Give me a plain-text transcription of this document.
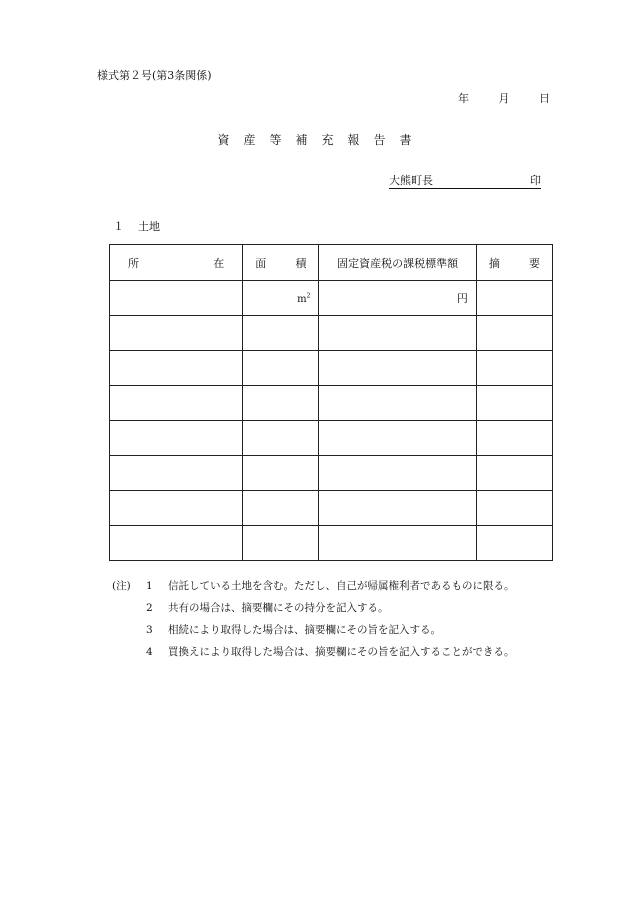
様式第２号(第3条関係)
年	月	日
資　産　等　補　充　報　告　書
大熊町長	印
１ 土地
所 在	面 積	固定資産税の課税標準額	摘 要

	$m^2$	円	

(注)	1	信託している土地を含む。ただし、自己が帰属権利者であるものに限る。
2	共有の場合は、摘要欄にその持分を記入する。
3	相続により取得した場合は、摘要欄にその旨を記入する。
4	買換えにより取得した場合は、摘要欄にその旨を記入することができる。
